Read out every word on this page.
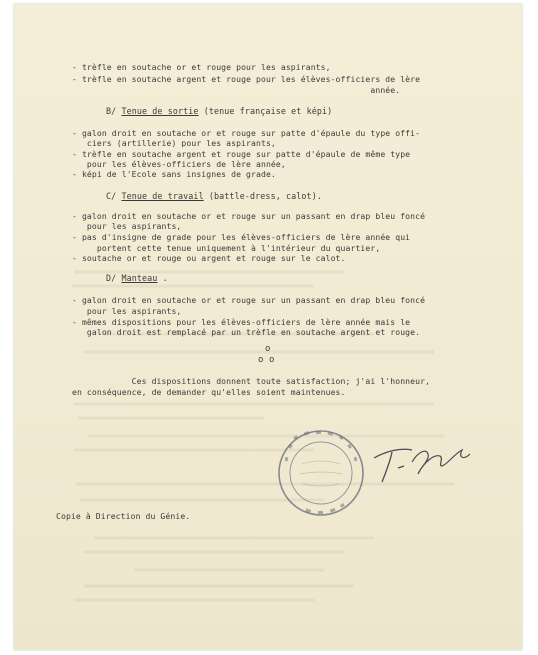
- trèfle en soutache or et rouge pour les aspirants,
- trèfle en soutache argent et rouge pour les élèves-officiers de lère
année.
B/ Tenue de sortie (tenue française et képi)
- galon droit en soutache or et rouge sur patte d'épaule du type offi-
ciers (artillerie) pour les aspirants,
- trèfle en soutache argent et rouge sur patte d'épaule de même type
pour les élèves-officiers de lère année,
- képi de l'Ecole sans insignes de grade.
C/ Tenue de travail (battle-dress, calot).
- galon droit en soutache or et rouge sur un passant en drap bleu foncé
pour les aspirants,
- pas d'insigne de grade pour les élèves-officiers de lère année qui
portent cette tenue uniquement à l'intérieur du quartier,
- soutache or et rouge ou argent et rouge sur le calot.
D/ Manteau .
- galon droit en soutache or et rouge sur un passant en drap bleu foncé
pour les aspirants,
- mêmes dispositions pour les élèves-officiers de lère année mais le
galon droit est remplacé par un trèfle en soutache argent et rouge.
o
o o
Ces dispositions donnent toute satisfaction; j'ai l'honneur,
en conséquence, de demander qu'elles soient maintenues.
Copie à Direction du Génie.
